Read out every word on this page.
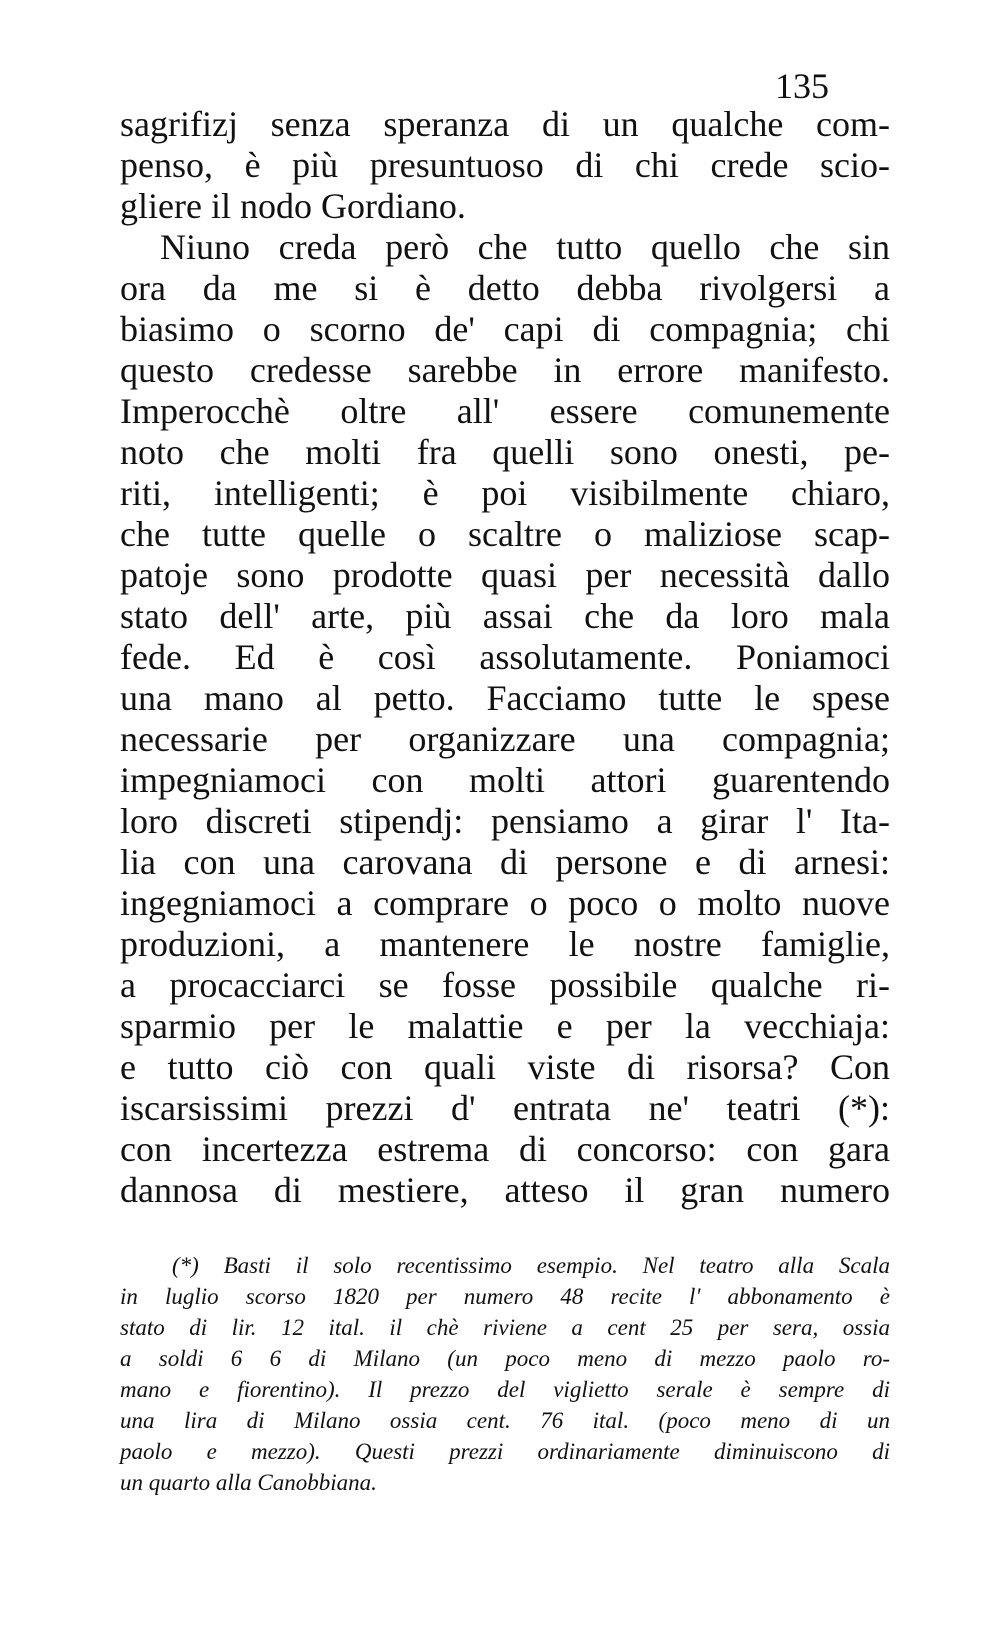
135
sagrifizj senza speranza di un qualche com-
penso, è più presuntuoso di chi crede scio-
gliere il nodo Gordiano.
Niuno creda però che tutto quello che sin
ora da me si è detto debba rivolgersi a
biasimo o scorno de' capi di compagnia; chi
questo credesse sarebbe in errore manifesto.
Imperocchè oltre all' essere comunemente
noto che molti fra quelli sono onesti, pe-
riti, intelligenti; è poi visibilmente chiaro,
che tutte quelle o scaltre o maliziose scap-
patoje sono prodotte quasi per necessità dallo
stato dell' arte, più assai che da loro mala
fede. Ed è così assolutamente. Poniamoci
una mano al petto. Facciamo tutte le spese
necessarie per organizzare una compagnia;
impegniamoci con molti attori guarentendo
loro discreti stipendj: pensiamo a girar l' Ita-
lia con una carovana di persone e di arnesi:
ingegniamoci a comprare o poco o molto nuove
produzioni, a mantenere le nostre famiglie,
a procacciarci se fosse possibile qualche ri-
sparmio per le malattie e per la vecchiaja:
e tutto ciò con quali viste di risorsa? Con
iscarsissimi prezzi d' entrata ne' teatri (*):
con incertezza estrema di concorso: con gara
dannosa di mestiere, atteso il gran numero
(*) Basti il solo recentissimo esempio. Nel teatro alla Scala
in luglio scorso 1820 per numero 48 recite l' abbonamento è
stato di lir. 12 ital. il chè riviene a cent 25 per sera, ossia
a soldi 6 6 di Milano (un poco meno di mezzo paolo ro-
mano e fiorentino). Il prezzo del viglietto serale è sempre di
una lira di Milano ossia cent. 76 ital. (poco meno di un
paolo e mezzo). Questi prezzi ordinariamente diminuiscono di
un quarto alla Canobbiana.
